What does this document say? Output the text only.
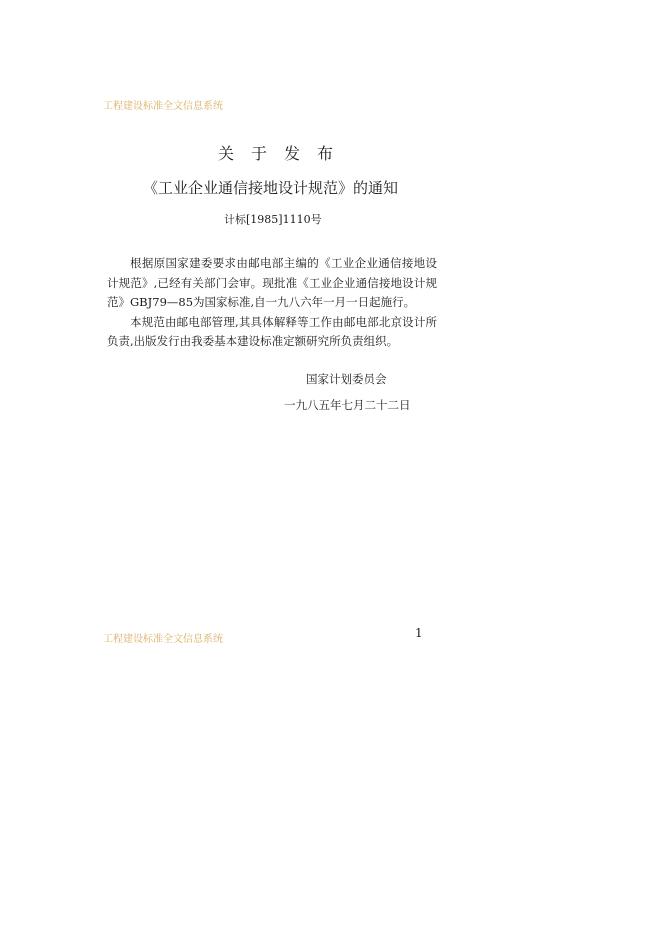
工程建设标准全文信息系统
关于发布
《工业企业通信接地设计规范》的通知
计标[1985]1110号

根据原国家建委要求由邮电部主编的《工业企业通信接地设计规范》,已经有关部门会审。现批准《工业企业通信接地设计规范》GBJ79—85为国家标准,自一九八六年一月一日起施行。

本规范由邮电部管理,其具体解释等工作由邮电部北京设计所负责,出版发行由我委基本建设标准定额研究所负责组织。

国家计划委员会
一九八五年七月二十二日
工程建设标准全文信息系统	1
